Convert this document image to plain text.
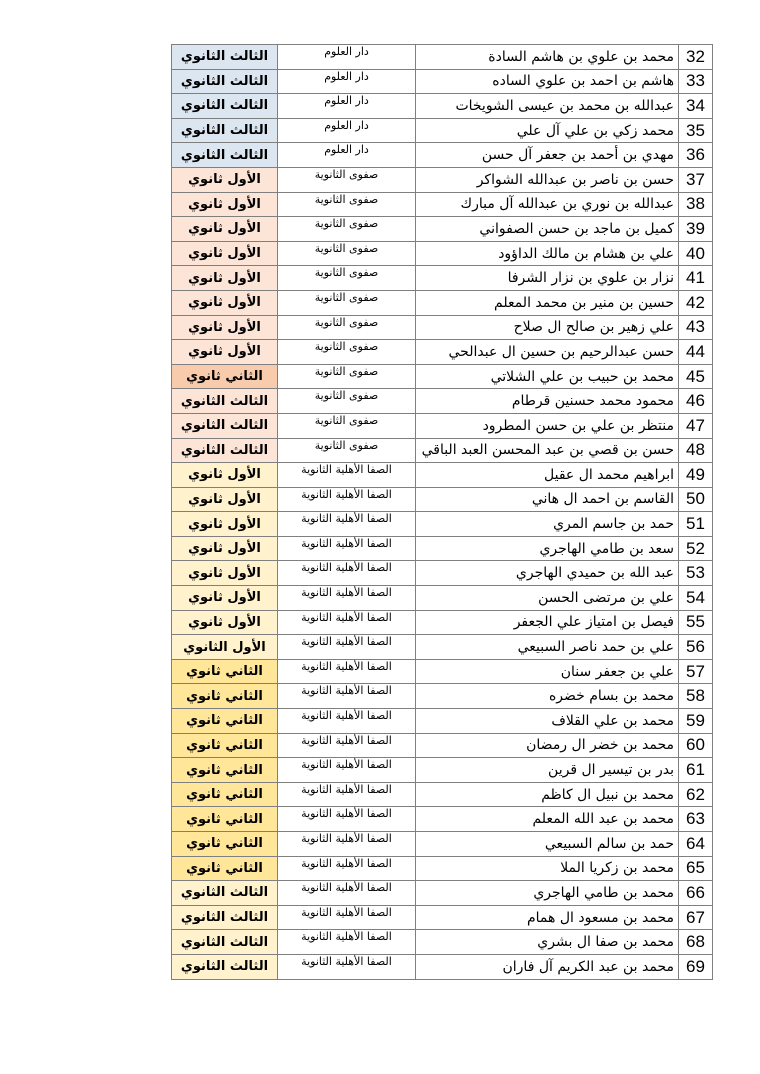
32	محمد بن علوي بن هاشم السادة	دار العلوم	الثالث الثانوي
33	هاشم بن احمد بن علوي الساده	دار العلوم	الثالث الثانوي
34	عبدالله بن محمد بن عيسى الشويخات	دار العلوم	الثالث الثانوي
35	محمد زكي بن علي آل علي	دار العلوم	الثالث الثانوي
36	مهدي بن أحمد بن جعفر آل حسن	دار العلوم	الثالث الثانوي
37	حسن بن ناصر بن عبدالله الشواكر	صفوى الثانوية	الأول ثانوي
38	عبدالله بن نوري بن عبدالله آل مبارك	صفوى الثانوية	الأول ثانوي
39	كميل بن ماجد بن حسن الصفواني	صفوى الثانوية	الأول ثانوي
40	علي بن هشام بن مالك الداؤود	صفوى الثانوية	الأول ثانوي
41	نزار بن علوي بن نزار الشرفا	صفوى الثانوية	الأول ثانوي
42	حسين بن منير بن محمد المعلم	صفوى الثانوية	الأول ثانوي
43	علي زهير بن صالح ال صلاح	صفوى الثانوية	الأول ثانوي
44	حسن عبدالرحيم بن حسين ال عبدالحي	صفوى الثانوية	الأول ثانوي
45	محمد بن حبيب بن علي الشلاتي	صفوى الثانوية	الثاني ثانوي
46	محمود محمد حسنين قرطام	صفوى الثانوية	الثالث الثانوي
47	منتظر بن علي بن حسن المطرود	صفوى الثانوية	الثالث الثانوي
48	حسن بن قصي بن عبد المحسن العبد الباقي	صفوى الثانوية	الثالث الثانوي
49	ابراهيم محمد ال عقيل	الصفا الأهلية الثانوية	الأول ثانوي
50	القاسم بن احمد ال هاني	الصفا الأهلية الثانوية	الأول ثانوي
51	حمد بن جاسم المري	الصفا الأهلية الثانوية	الأول ثانوي
52	سعد بن طامي الهاجري	الصفا الأهلية الثانوية	الأول ثانوي
53	عبد الله بن حميدي الهاجري	الصفا الأهلية الثانوية	الأول ثانوي
54	علي بن مرتضى الحسن	الصفا الأهلية الثانوية	الأول ثانوي
55	فيصل بن امتياز علي الجعفر	الصفا الأهلية الثانوية	الأول ثانوي
56	علي بن حمد ناصر السبيعي	الصفا الأهلية الثانوية	الأول الثانوي
57	علي بن جعفر سنان	الصفا الأهلية الثانوية	الثاني ثانوي
58	محمد بن بسام خضره	الصفا الأهلية الثانوية	الثاني ثانوي
59	محمد بن علي القلاف	الصفا الأهلية الثانوية	الثاني ثانوي
60	محمد بن خضر ال رمضان	الصفا الأهلية الثانوية	الثاني ثانوي
61	بدر بن تيسير ال قرين	الصفا الأهلية الثانوية	الثاني ثانوي
62	محمد بن نبيل ال كاظم	الصفا الأهلية الثانوية	الثاني ثانوي
63	محمد بن عبد الله المعلم	الصفا الأهلية الثانوية	الثاني ثانوي
64	حمد بن سالم السبيعي	الصفا الأهلية الثانوية	الثاني ثانوي
65	محمد بن زكريا الملا	الصفا الأهلية الثانوية	الثاني ثانوي
66	محمد بن طامي الهاجري	الصفا الأهلية الثانوية	الثالث الثانوي
67	محمد بن مسعود ال همام	الصفا الأهلية الثانوية	الثالث الثانوي
68	محمد بن صفا ال بشري	الصفا الأهلية الثانوية	الثالث الثانوي
69	محمد بن عبد الكريم آل فاران	الصفا الأهلية الثانوية	الثالث الثانوي
